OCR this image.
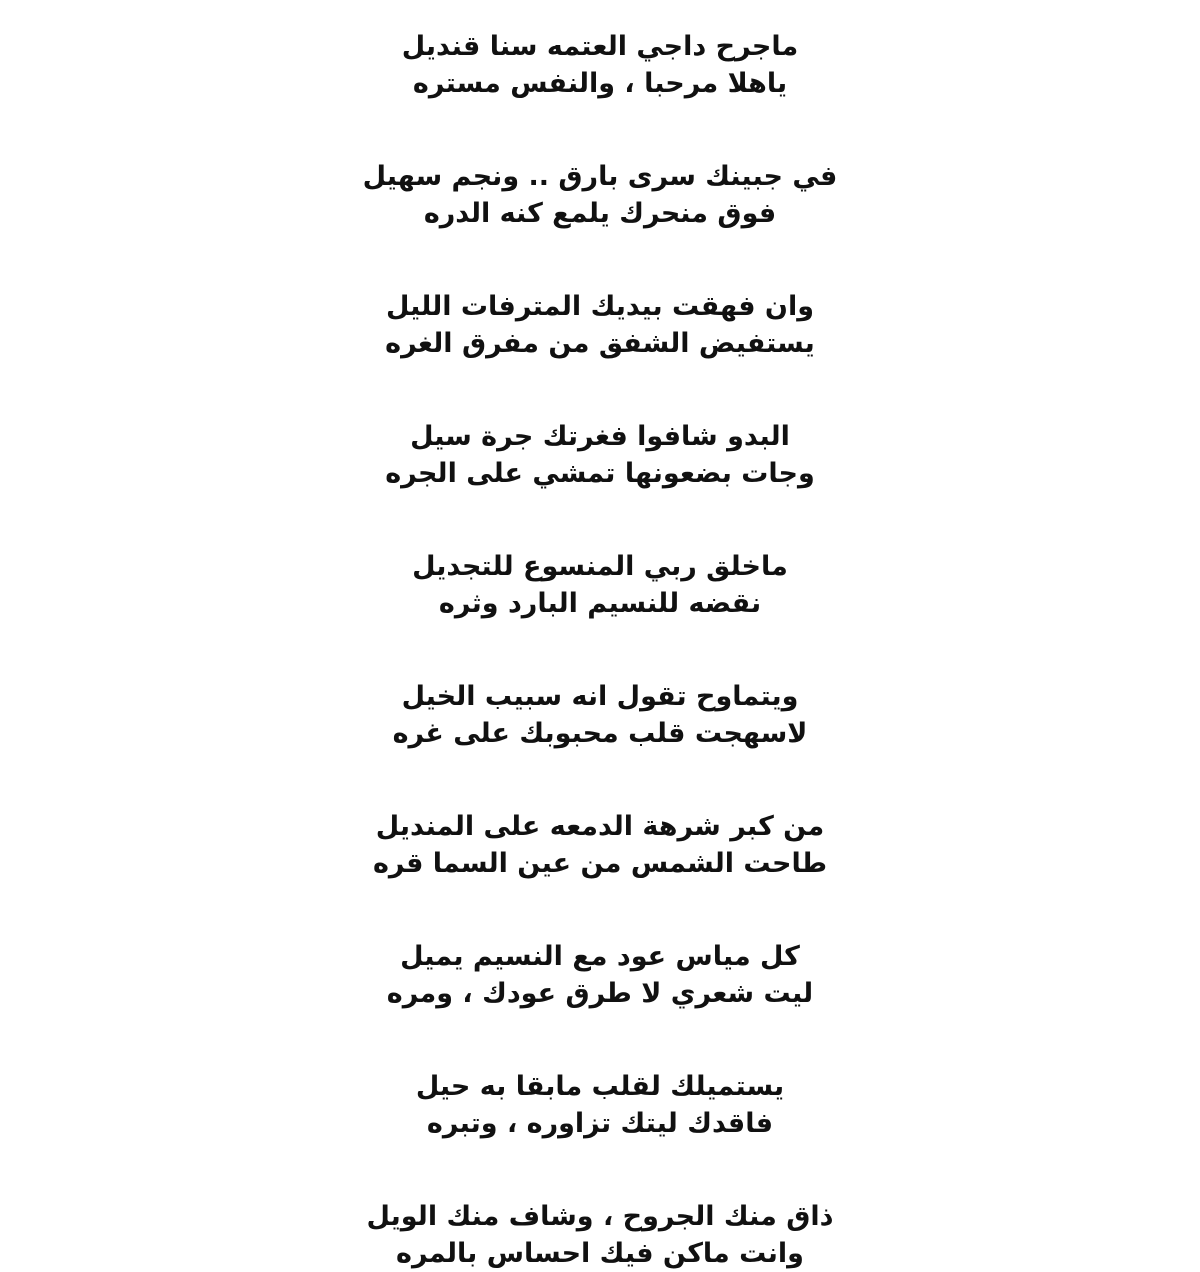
ماجرح داجي العتمه سنا قنديل
ياهلا مرحبا ، والنفس مستره
في جبينك سرى بارق .. ونجم سهيل
فوق منحرك يلمع كنه الدره
وان فهقت بيديك المترفات الليل
يستفيض الشفق من مفرق الغره
البدو شافوا فغرتك جرة سيل
وجات بضعونها تمشي على الجره
ماخلق ربي المنسوع للتجديل
نقضه للنسيم البارد وثره
ويتماوح تقول انه سبيب الخيل
لاسهجت قلب محبوبك على غره
من كبر شرهة الدمعه على المنديل
طاحت الشمس من عين السما قره
كل مياس عود مع النسيم يميل
ليت شعري لا طرق عودك ، ومره
يستميلك لقلب مابقا به حيل
فاقدك ليتك تزاوره ، وتبره
ذاق منك الجروح ، وشاف منك الويل
وانت ماكن فيك احساس بالمره
